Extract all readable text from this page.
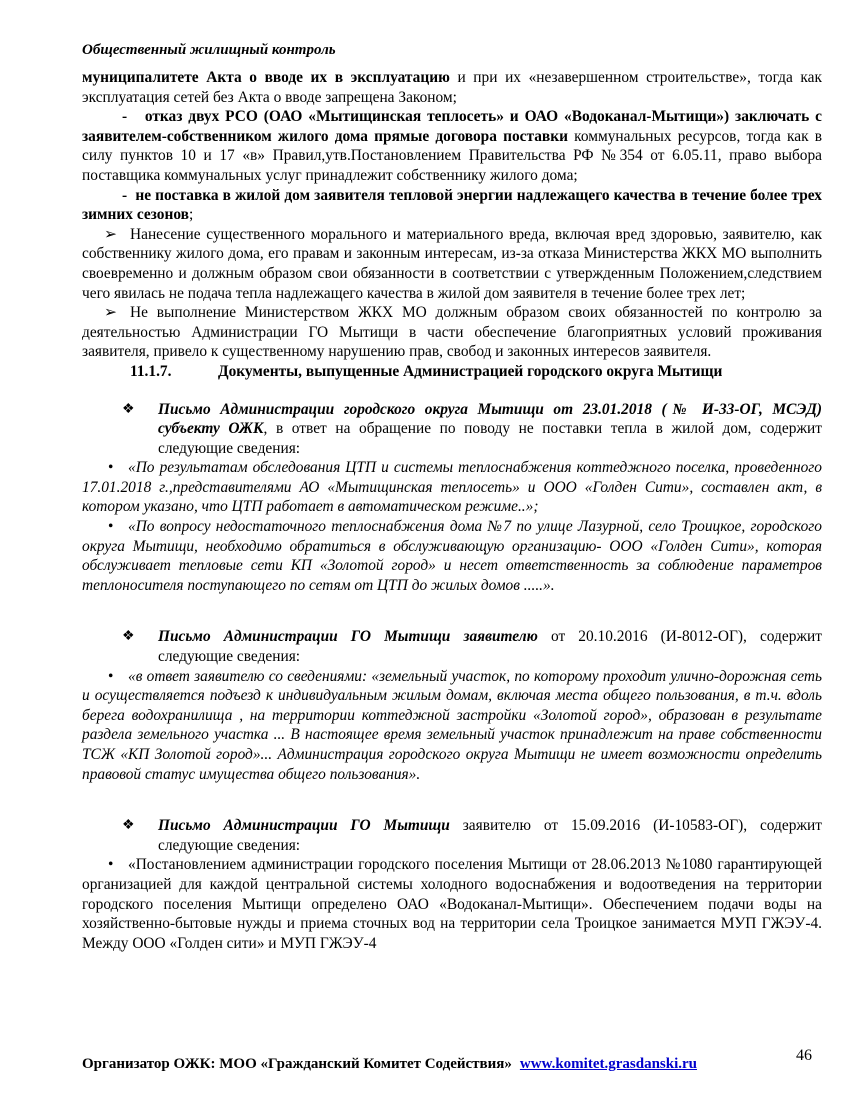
Общественный жилищный контроль

муниципалитете Акта о вводе их в эксплуатацию и при их «незавершенном строительстве», тогда как эксплуатация сетей без Акта о вводе запрещена Законом;

- отказ двух РСО (ОАО «Мытищинская теплосеть» и ОАО «Водоканал-Мытищи») заключать с заявителем-собственником жилого дома прямые договора поставки коммунальных ресурсов, тогда как в силу пунктов 10 и 17 «в» Правил,утв.Постановлением Правительства РФ №354 от 6.05.11, право выбора поставщика коммунальных услуг принадлежит собственнику жилого дома;

- не поставка в жилой дом заявителя тепловой энергии надлежащего качества в течение более трех зимних сезонов;

➢ Нанесение существенного морального и материального вреда, включая вред здоровью, заявителю, как собственнику жилого дома, его правам и законным интересам, из-за отказа Министерства ЖКХ МО выполнить своевременно и должным образом свои обязанности в соответствии с утвержденным Положением,следствием чего явилась не подача тепла надлежащего качества в жилой дом заявителя в течение более трех лет;

➢ Не выполнение Министерством ЖКХ МО должным образом своих обязанностей по контролю за деятельностью Администрации ГО Мытищи в части обеспечение благоприятных условий проживания заявителя, привело к существенному нарушению прав, свобод и законных интересов заявителя.

11.1.7.	Документы, выпущенные Администрацией городского округа Мытищи

❖ Письмо Администрации городского округа Мытищи от 23.01.2018 (№ И-33-ОГ, МСЭД) субъекту ОЖК, в ответ на обращение по поводу не поставки тепла в жилой дом, содержит следующие сведения:

• «По результатам обследования ЦТП и системы теплоснабжения коттеджного поселка, проведенного 17.01.2018 г.,представителями АО «Мытищинская теплосеть» и ООО «Голден Сити», составлен акт, в котором указано, что ЦТП работает в автоматическом режиме..»;

• «По вопросу недостаточного теплоснабжения дома №7 по улице Лазурной, село Троицкое, городского округа Мытищи, необходимо обратиться в обслуживающую организацию- ООО «Голден Сити», которая обслуживает тепловые сети КП «Золотой город» и несет ответственность за соблюдение параметров теплоносителя поступающего по сетям от ЦТП до жилых домов .....».

❖ Письмо Администрации ГО Мытищи заявителю от 20.10.2016 (И-8012-ОГ), содержит следующие сведения:

• «в ответ заявителю со сведениями: «земельный участок, по которому проходит улично-дорожная сеть и осуществляется подъезд к индивидуальным жилым домам, включая места общего пользования, в т.ч. вдоль берега водохранилища , на территории коттеджной застройки «Золотой город», образован в результате раздела земельного участка ... В настоящее время земельный участок принадлежит на праве собственности ТСЖ «КП Золотой город»... Администрация городского округа Мытищи не имеет возможности определить правовой статус имущества общего пользования».

❖ Письмо Администрации ГО Мытищи заявителю от 15.09.2016 (И-10583-ОГ), содержит следующие сведения:

• «Постановлением администрации городского поселения Мытищи от 28.06.2013 №1080 гарантирующей организацией для каждой центральной системы холодного водоснабжения и водоотведения на территории городского поселения Мытищи определено ОАО «Водоканал-Мытищи». Обеспечением подачи воды на хозяйственно-бытовые нужды и приема сточных вод на территории села Троицкое занимается МУП ГЖЭУ-4. Между ООО «Голден сити» и МУП ГЖЭУ-4

46
Организатор ОЖК: МОО «Гражданский Комитет Содействия» www.komitet.grasdanski.ru
